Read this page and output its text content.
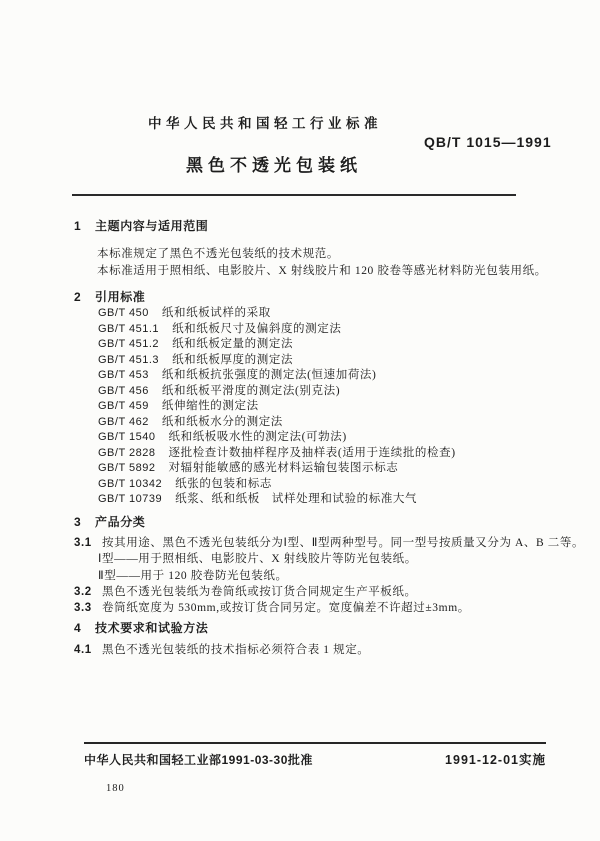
中华人民共和国轻工行业标准
QB/T 1015—1991
黑色不透光包装纸
1 主题内容与适用范围
本标准规定了黑色不透光包装纸的技术规范。
本标准适用于照相纸、电影胶片、X 射线胶片和 120 胶卷等感光材料防光包装用纸。
2 引用标准
GB/T 450 纸和纸板试样的采取
GB/T 451.1 纸和纸板尺寸及偏斜度的测定法
GB/T 451.2 纸和纸板定量的测定法
GB/T 451.3 纸和纸板厚度的测定法
GB/T 453 纸和纸板抗张强度的测定法(恒速加荷法)
GB/T 456 纸和纸板平滑度的测定法(别克法)
GB/T 459 纸伸缩性的测定法
GB/T 462 纸和纸板水分的测定法
GB/T 1540 纸和纸板吸水性的测定法(可勃法)
GB/T 2828 逐批检查计数抽样程序及抽样表(适用于连续批的检查)
GB/T 5892 对辐射能敏感的感光材料运输包装图示标志
GB/T 10342 纸张的包装和标志
GB/T 10739 纸浆、纸和纸板　试样处理和试验的标准大气
3 产品分类
3.1 按其用途、黑色不透光包装纸分为Ⅰ型、Ⅱ型两种型号。同一型号按质量又分为 A、B 二等。
Ⅰ型——用于照相纸、电影胶片、X 射线胶片等防光包装纸。
Ⅱ型——用于 120 胶卷防光包装纸。
3.2 黑色不透光包装纸为卷筒纸或按订货合同规定生产平板纸。
3.3 卷筒纸宽度为 530mm,或按订货合同另定。宽度偏差不许超过±3mm。
4 技术要求和试验方法
4.1 黑色不透光包装纸的技术指标必须符合表 1 规定。
中华人民共和国轻工业部1991-03-30批准	1991-12-01实施
180
